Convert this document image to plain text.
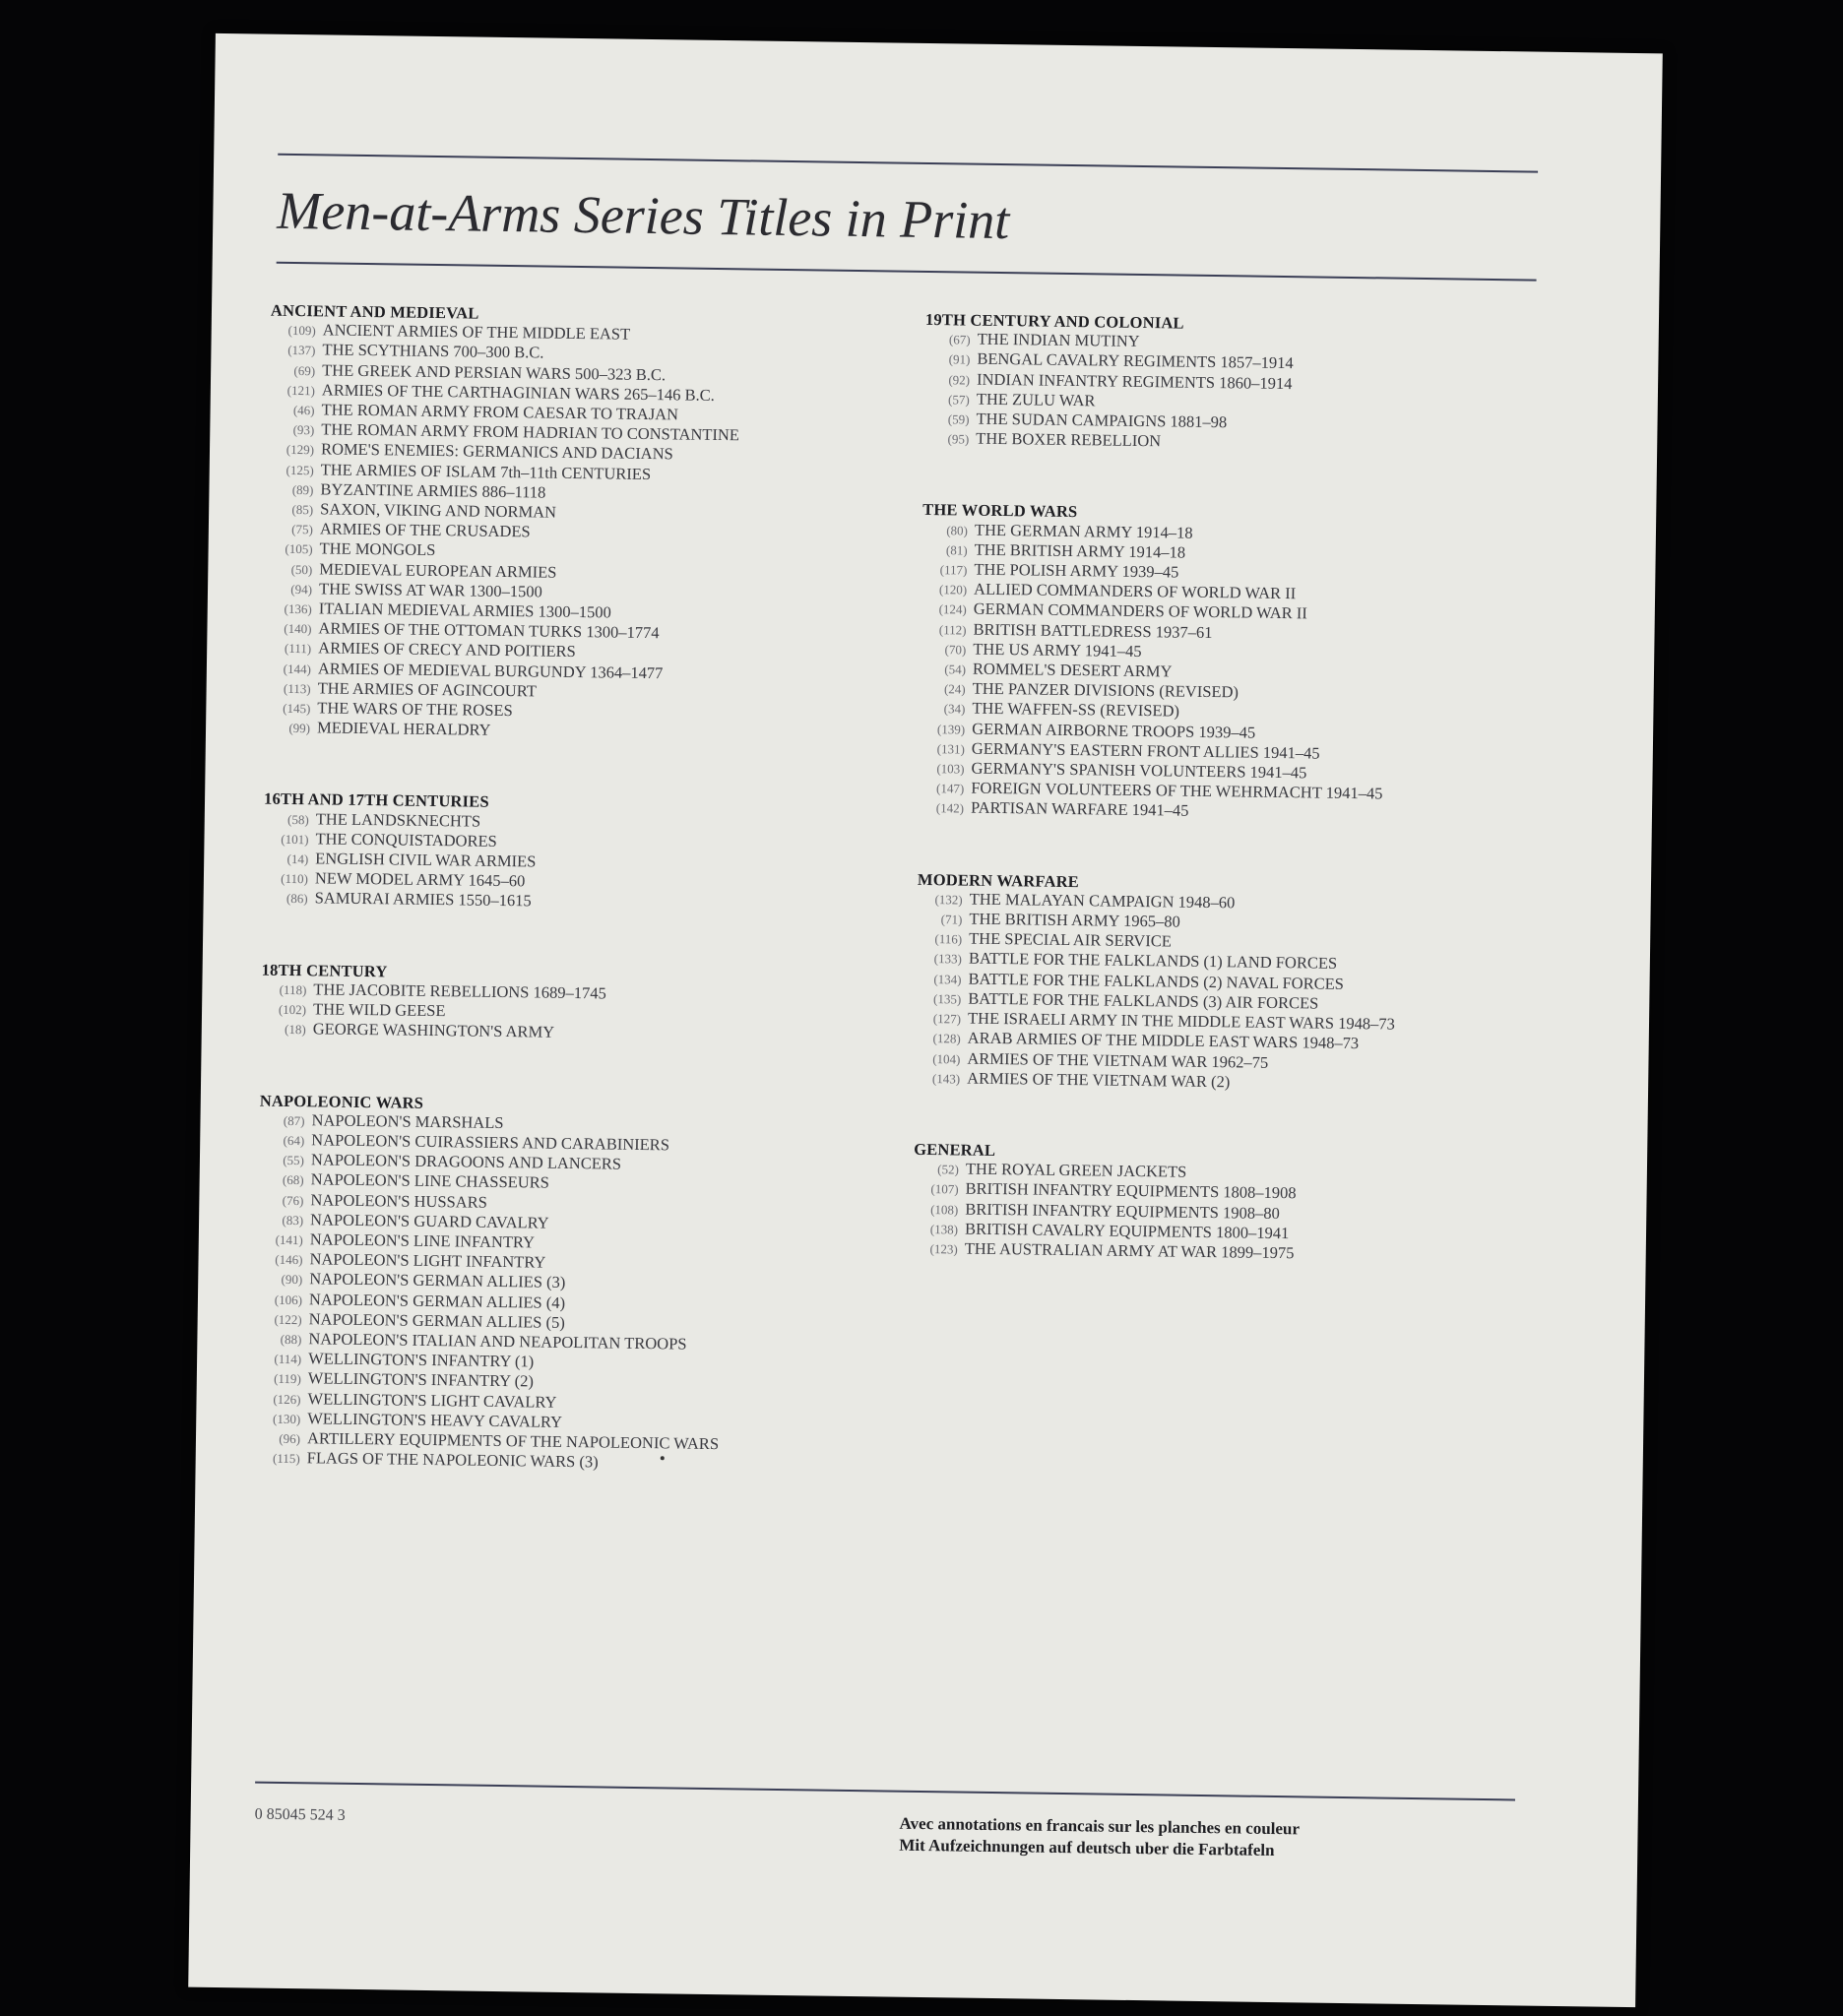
Men-at-Arms Series Titles in Print
ANCIENT AND MEDIEVAL
( 109 ) ANCIENT ARMIES OF THE MIDDLE EAST
( 137 ) THE SCYTHIANS 700–300 B.C.
( 69 ) THE GREEK AND PERSIAN WARS 500–323 B.C.
( 121 ) ARMIES OF THE CARTHAGINIAN WARS 265–146 B.C.
( 46 ) THE ROMAN ARMY FROM CAESAR TO TRAJAN
( 93 ) THE ROMAN ARMY FROM HADRIAN TO CONSTANTINE
( 129 ) ROME'S ENEMIES: GERMANICS AND DACIANS
( 125 ) THE ARMIES OF ISLAM 7th–11th CENTURIES
( 89 ) BYZANTINE ARMIES 886–1118
( 85 ) SAXON, VIKING AND NORMAN
( 75 ) ARMIES OF THE CRUSADES
( 105 ) THE MONGOLS
( 50 ) MEDIEVAL EUROPEAN ARMIES
( 94 ) THE SWISS AT WAR 1300–1500
( 136 ) ITALIAN MEDIEVAL ARMIES 1300–1500
( 140 ) ARMIES OF THE OTTOMAN TURKS 1300–1774
( 111 ) ARMIES OF CRECY AND POITIERS
( 144 ) ARMIES OF MEDIEVAL BURGUNDY 1364–1477
( 113 ) THE ARMIES OF AGINCOURT
( 145 ) THE WARS OF THE ROSES
( 99 ) MEDIEVAL HERALDRY
16TH AND 17TH CENTURIES
( 58 ) THE LANDSKNECHTS
( 101 ) THE CONQUISTADORES
( 14 ) ENGLISH CIVIL WAR ARMIES
( 110 ) NEW MODEL ARMY 1645–60
( 86 ) SAMURAI ARMIES 1550–1615
18TH CENTURY
( 118 ) THE JACOBITE REBELLIONS 1689–1745
( 102 ) THE WILD GEESE
( 18 ) GEORGE WASHINGTON'S ARMY
NAPOLEONIC WARS
( 87 ) NAPOLEON'S MARSHALS
( 64 ) NAPOLEON'S CUIRASSIERS AND CARABINIERS
( 55 ) NAPOLEON'S DRAGOONS AND LANCERS
( 68 ) NAPOLEON'S LINE CHASSEURS
( 76 ) NAPOLEON'S HUSSARS
( 83 ) NAPOLEON'S GUARD CAVALRY
( 141 ) NAPOLEON'S LINE INFANTRY
( 146 ) NAPOLEON'S LIGHT INFANTRY
( 90 ) NAPOLEON'S GERMAN ALLIES (3)
( 106 ) NAPOLEON'S GERMAN ALLIES (4)
( 122 ) NAPOLEON'S GERMAN ALLIES (5)
( 88 ) NAPOLEON'S ITALIAN AND NEAPOLITAN TROOPS
( 114 ) WELLINGTON'S INFANTRY (1)
( 119 ) WELLINGTON'S INFANTRY (2)
( 126 ) WELLINGTON'S LIGHT CAVALRY
( 130 ) WELLINGTON'S HEAVY CAVALRY
( 96 ) ARTILLERY EQUIPMENTS OF THE NAPOLEONIC WARS
( 115 ) FLAGS OF THE NAPOLEONIC WARS (3)
19TH CENTURY AND COLONIAL
( 67 ) THE INDIAN MUTINY
( 91 ) BENGAL CAVALRY REGIMENTS 1857–1914
( 92 ) INDIAN INFANTRY REGIMENTS 1860–1914
( 57 ) THE ZULU WAR
( 59 ) THE SUDAN CAMPAIGNS 1881–98
( 95 ) THE BOXER REBELLION
THE WORLD WARS
( 80 ) THE GERMAN ARMY 1914–18
( 81 ) THE BRITISH ARMY 1914–18
( 117 ) THE POLISH ARMY 1939–45
( 120 ) ALLIED COMMANDERS OF WORLD WAR II
( 124 ) GERMAN COMMANDERS OF WORLD WAR II
( 112 ) BRITISH BATTLEDRESS 1937–61
( 70 ) THE US ARMY 1941–45
( 54 ) ROMMEL'S DESERT ARMY
( 24 ) THE PANZER DIVISIONS (REVISED)
( 34 ) THE WAFFEN-SS (REVISED)
( 139 ) GERMAN AIRBORNE TROOPS 1939–45
( 131 ) GERMANY'S EASTERN FRONT ALLIES 1941–45
( 103 ) GERMANY'S SPANISH VOLUNTEERS 1941–45
( 147 ) FOREIGN VOLUNTEERS OF THE WEHRMACHT 1941–45
( 142 ) PARTISAN WARFARE 1941–45
MODERN WARFARE
( 132 ) THE MALAYAN CAMPAIGN 1948–60
( 71 ) THE BRITISH ARMY 1965–80
( 116 ) THE SPECIAL AIR SERVICE
( 133 ) BATTLE FOR THE FALKLANDS (1) LAND FORCES
( 134 ) BATTLE FOR THE FALKLANDS (2) NAVAL FORCES
( 135 ) BATTLE FOR THE FALKLANDS (3) AIR FORCES
( 127 ) THE ISRAELI ARMY IN THE MIDDLE EAST WARS 1948–73
( 128 ) ARAB ARMIES OF THE MIDDLE EAST WARS 1948–73
( 104 ) ARMIES OF THE VIETNAM WAR 1962–75
( 143 ) ARMIES OF THE VIETNAM WAR (2)
GENERAL
( 52 ) THE ROYAL GREEN JACKETS
( 107 ) BRITISH INFANTRY EQUIPMENTS 1808–1908
( 108 ) BRITISH INFANTRY EQUIPMENTS 1908–80
( 138 ) BRITISH CAVALRY EQUIPMENTS 1800–1941
( 123 ) THE AUSTRALIAN ARMY AT WAR 1899–1975
0 85045 524 3	Avec annotations en francais sur les planches en couleur
Mit Aufzeichnungen auf deutsch uber die Farbtafeln
